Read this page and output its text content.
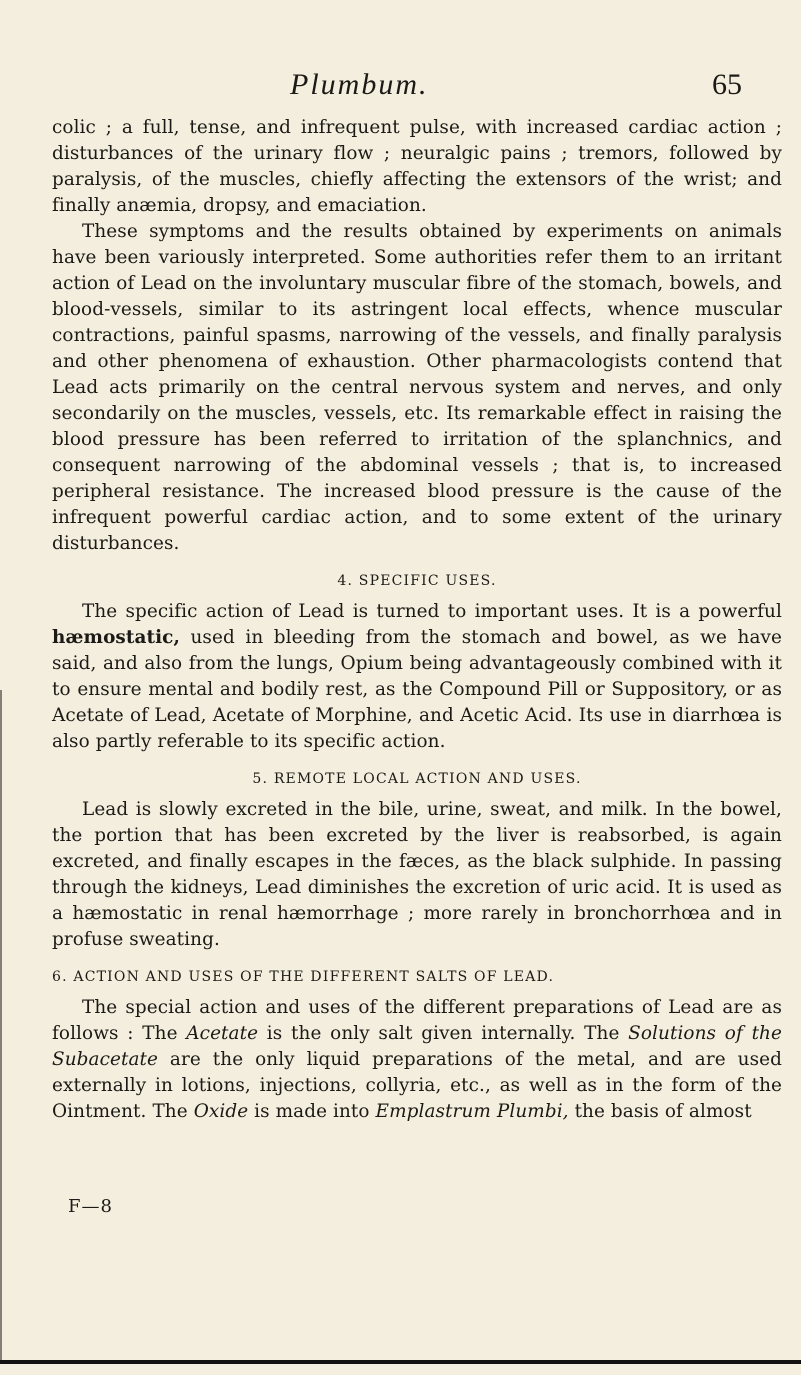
Plumbum.	65

colic ; a full, tense, and infrequent pulse, with increased cardiac action ; disturbances of the urinary flow ; neuralgic pains ; tremors, followed by paralysis, of the muscles, chiefly affecting the extensors of the wrist; and finally anæmia, dropsy, and emaciation.

These symptoms and the results obtained by experiments on animals have been variously interpreted. Some authorities refer them to an irritant action of Lead on the involuntary muscular fibre of the stomach, bowels, and blood-vessels, similar to its astringent local effects, whence muscular contractions, painful spasms, narrowing of the vessels, and finally paralysis and other phenomena of exhaustion. Other pharmacologists contend that Lead acts primarily on the central nervous system and nerves, and only secondarily on the muscles, vessels, etc. Its remarkable effect in raising the blood pressure has been referred to irritation of the splanchnics, and consequent narrowing of the abdominal vessels ; that is, to increased peripheral resistance. The increased blood pressure is the cause of the infrequent powerful cardiac action, and to some extent of the urinary disturbances.

4. SPECIFIC USES.

The specific action of Lead is turned to important uses. It is a powerful hæmostatic, used in bleeding from the stomach and bowel, as we have said, and also from the lungs, Opium being advantageously combined with it to ensure mental and bodily rest, as the Compound Pill or Suppository, or as Acetate of Lead, Acetate of Morphine, and Acetic Acid. Its use in diarrhœa is also partly referable to its specific action.

5. REMOTE LOCAL ACTION AND USES.

Lead is slowly excreted in the bile, urine, sweat, and milk. In the bowel, the portion that has been excreted by the liver is reabsorbed, is again excreted, and finally escapes in the fæces, as the black sulphide. In passing through the kidneys, Lead diminishes the excretion of uric acid. It is used as a hæmostatic in renal hæmorrhage ; more rarely in bronchorrhœa and in profuse sweating.

6. ACTION AND USES OF THE DIFFERENT SALTS OF LEAD.

The special action and uses of the different preparations of Lead are as follows : The Acetate is the only salt given internally. The Solutions of the Subacetate are the only liquid preparations of the metal, and are used externally in lotions, injections, collyria, etc., as well as in the form of the Ointment. The Oxide is made into Emplastrum Plumbi, the basis of almost

F—8
